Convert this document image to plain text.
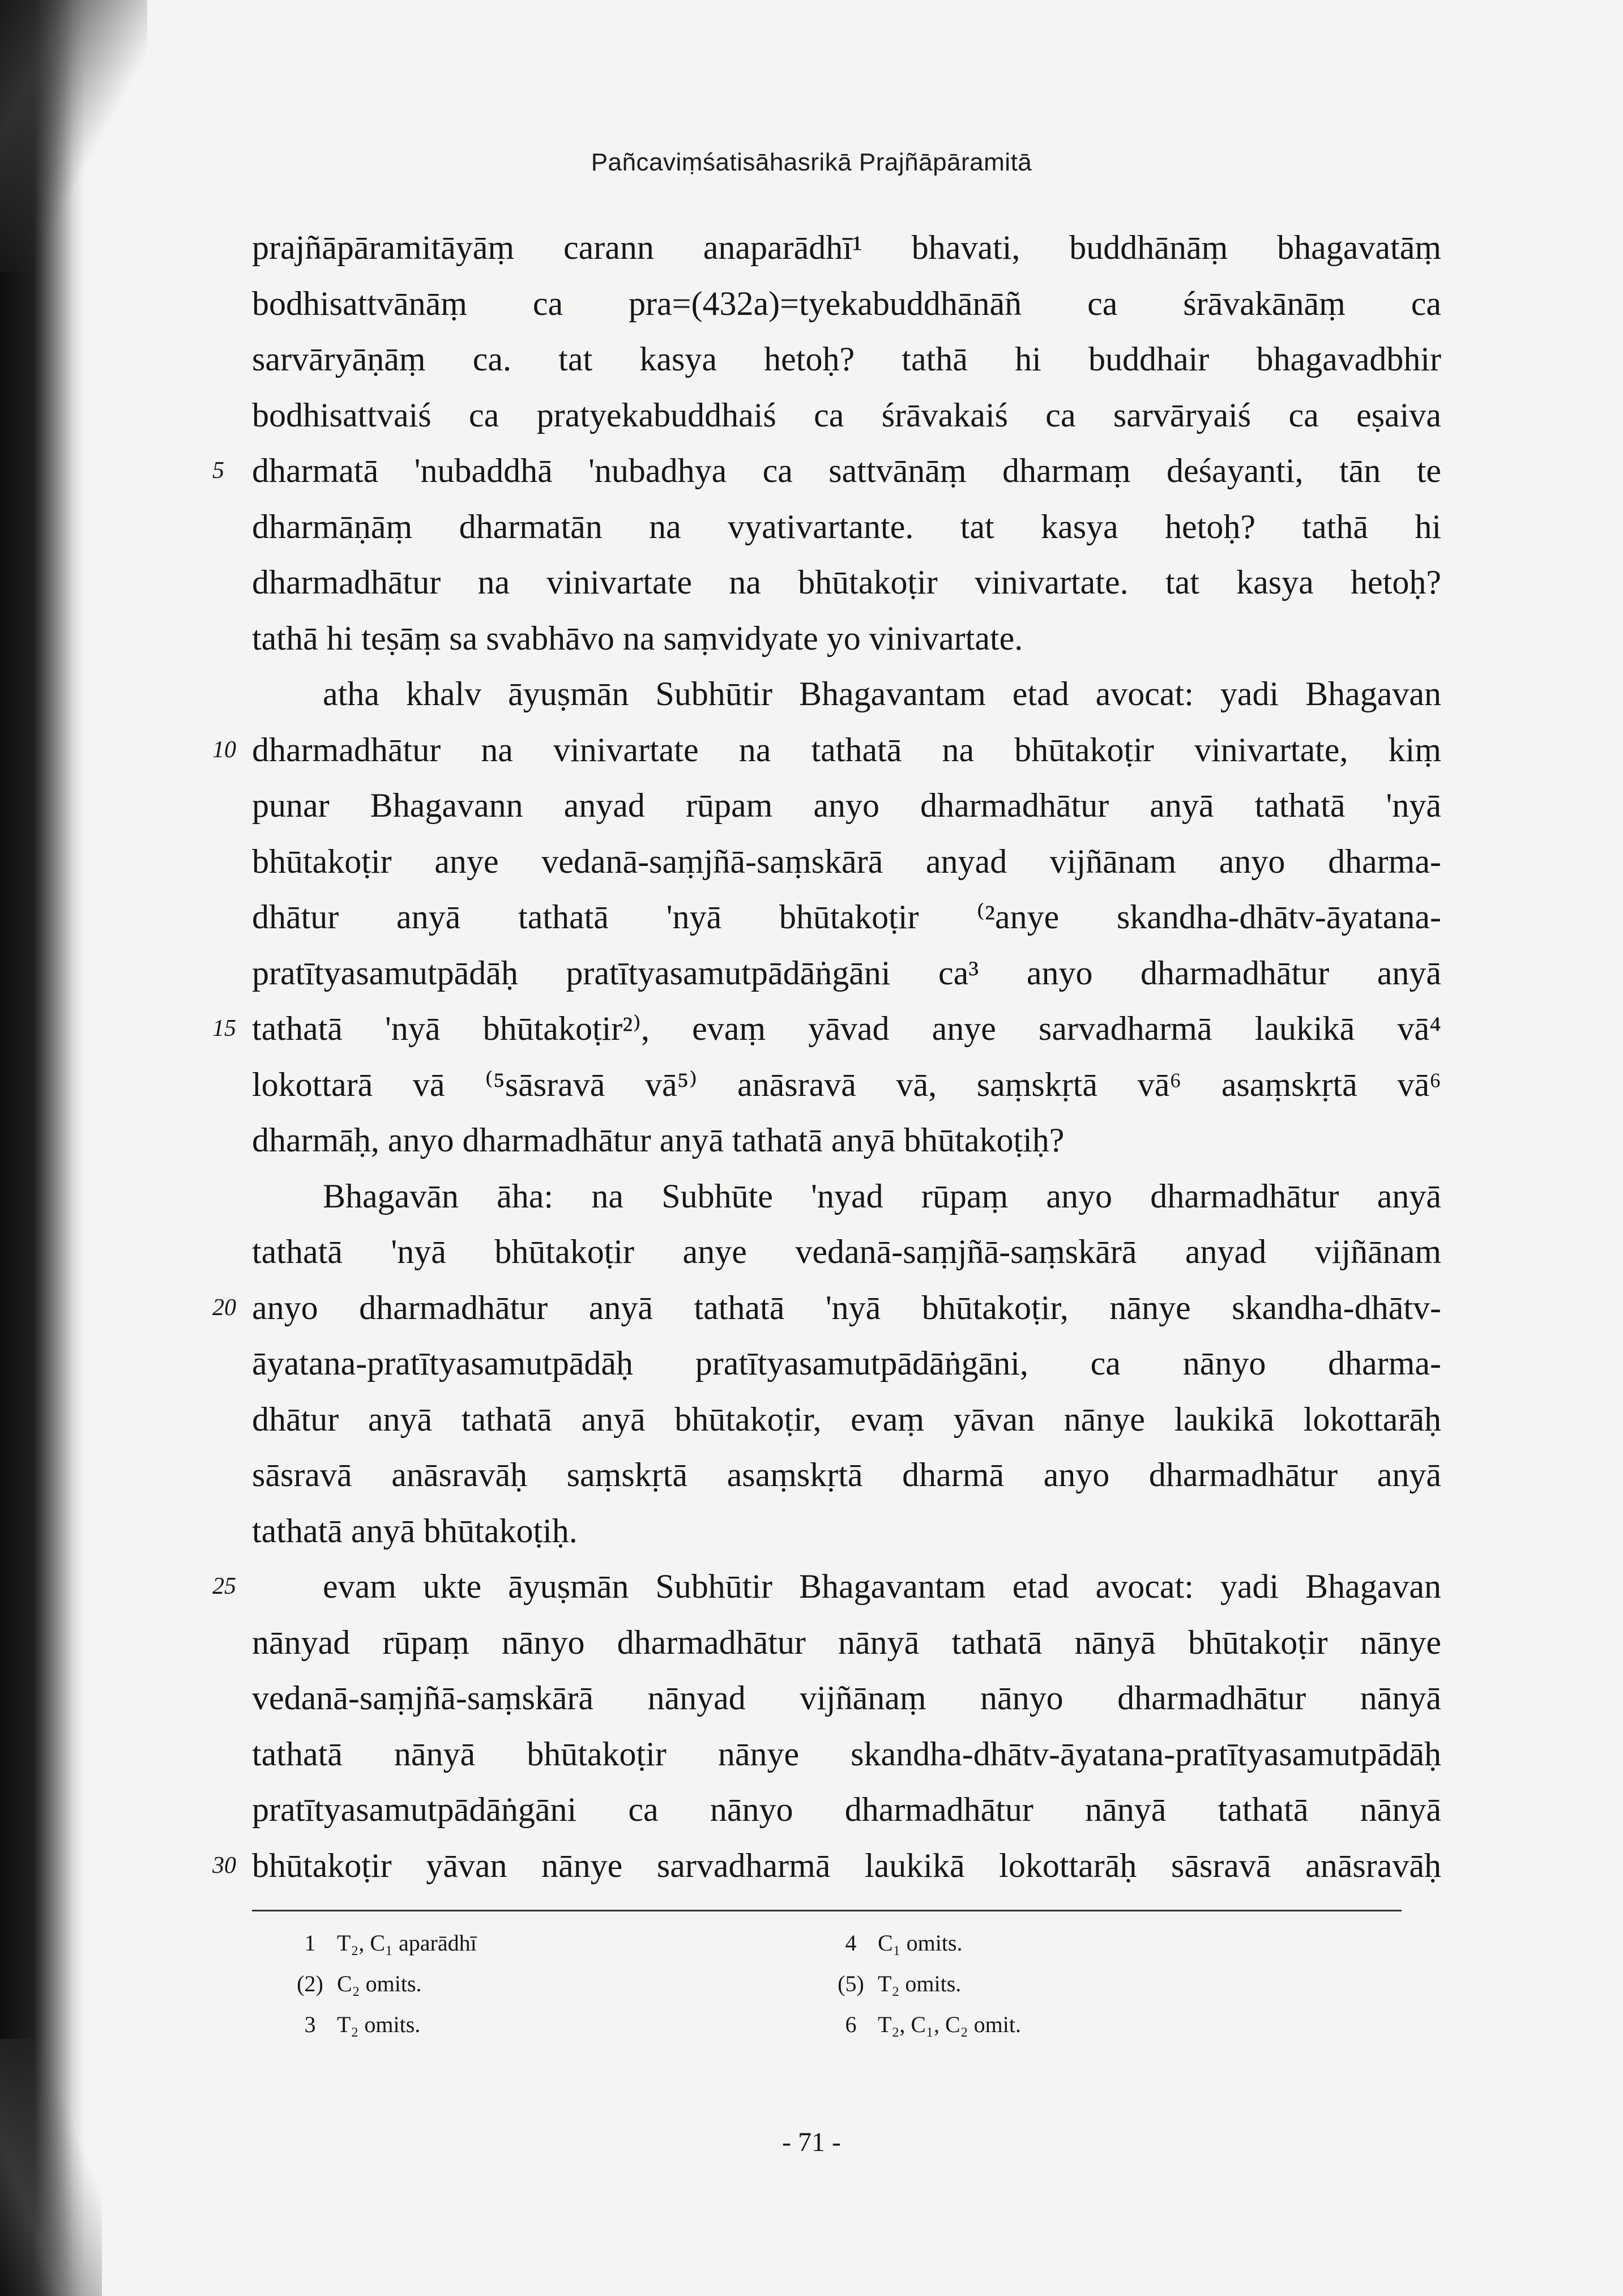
Pañcaviṃśatisāhasrikā Prajñāpāramitā
prajñāpāramitāyāṃ carann anaparādhī¹ bhavati, buddhānāṃ bhagavatāṃ
bodhisattvānāṃ ca pra=(432a)=tyekabuddhānāñ ca śrāvakānāṃ ca
sarvāryāṇāṃ ca. tat kasya hetoḥ? tathā hi buddhair bhagavadbhir
bodhisattvaiś ca pratyekabuddhaiś ca śrāvakaiś ca sarvāryaiś ca eṣaiva
5 dharmatā 'nubaddhā 'nubadhya ca sattvānāṃ dharmaṃ deśayanti, tān te
dharmāṇāṃ dharmatān na vyativartante. tat kasya hetoḥ? tathā hi
dharmadhātur na vinivartate na bhūtakoṭir vinivartate. tat kasya hetoḥ?
tathā hi teṣāṃ sa svabhāvo na saṃvidyate yo vinivartate.
atha khalv āyuṣmān Subhūtir Bhagavantam etad avocat: yadi Bhagavan
10 dharmadhātur na vinivartate na tathatā na bhūtakoṭir vinivartate, kiṃ
punar Bhagavann anyad rūpam anyo dharmadhātur anyā tathatā 'nyā
bhūtakoṭir anye vedanā-saṃjñā-saṃskārā anyad vijñānam anyo dharma-
dhātur anyā tathatā 'nyā bhūtakoṭir ⁽²anye skandha-dhātv-āyatana-
pratītyasamutpādāḥ pratītyasamutpādāṅgāni ca³ anyo dharmadhātur anyā
15 tathatā 'nyā bhūtakoṭir²⁾, evaṃ yāvad anye sarvadharmā laukikā vā⁴
lokottarā vā ⁽⁵sāsravā vā⁵⁾ anāsravā vā, saṃskṛtā vā⁶ asaṃskṛtā vā⁶
dharmāḥ, anyo dharmadhātur anyā tathatā anyā bhūtakoṭiḥ?
Bhagavān āha: na Subhūte 'nyad rūpaṃ anyo dharmadhātur anyā
tathatā 'nyā bhūtakoṭir anye vedanā-saṃjñā-saṃskārā anyad vijñānam
20 anyo dharmadhātur anyā tathatā 'nyā bhūtakoṭir, nānye skandha-dhātv-
āyatana-pratītyasamutpādāḥ pratītyasamutpādāṅgāni, ca nānyo dharma-
dhātur anyā tathatā anyā bhūtakoṭir, evaṃ yāvan nānye laukikā lokottarāḥ
sāsravā anāsravāḥ saṃskṛtā asaṃskṛtā dharmā anyo dharmadhātur anyā
tathatā anyā bhūtakoṭiḥ.
25	evam ukte āyuṣmān Subhūtir Bhagavantam etad avocat: yadi Bhagavan
nānyad rūpaṃ nānyo dharmadhātur nānyā tathatā nānyā bhūtakoṭir nānye
vedanā-saṃjñā-saṃskārā nānyad vijñānaṃ nānyo dharmadhātur nānyā
tathatā nānyā bhūtakoṭir nānye skandha-dhātv-āyatana-pratītyasamutpādāḥ
pratītyasamutpādāṅgāni ca nānyo dharmadhātur nānyā tathatā nānyā
30 bhūtakoṭir yāvan nānye sarvadharmā laukikā lokottarāḥ sāsravā anāsravāḥ
1 T₂, C₁ aparādhī
(2) C₂ omits.
3 T₂ omits.
4 C₁ omits.
(5) T₂ omits.
6 T₂, C₁, C₂ omit.
- 71 -
